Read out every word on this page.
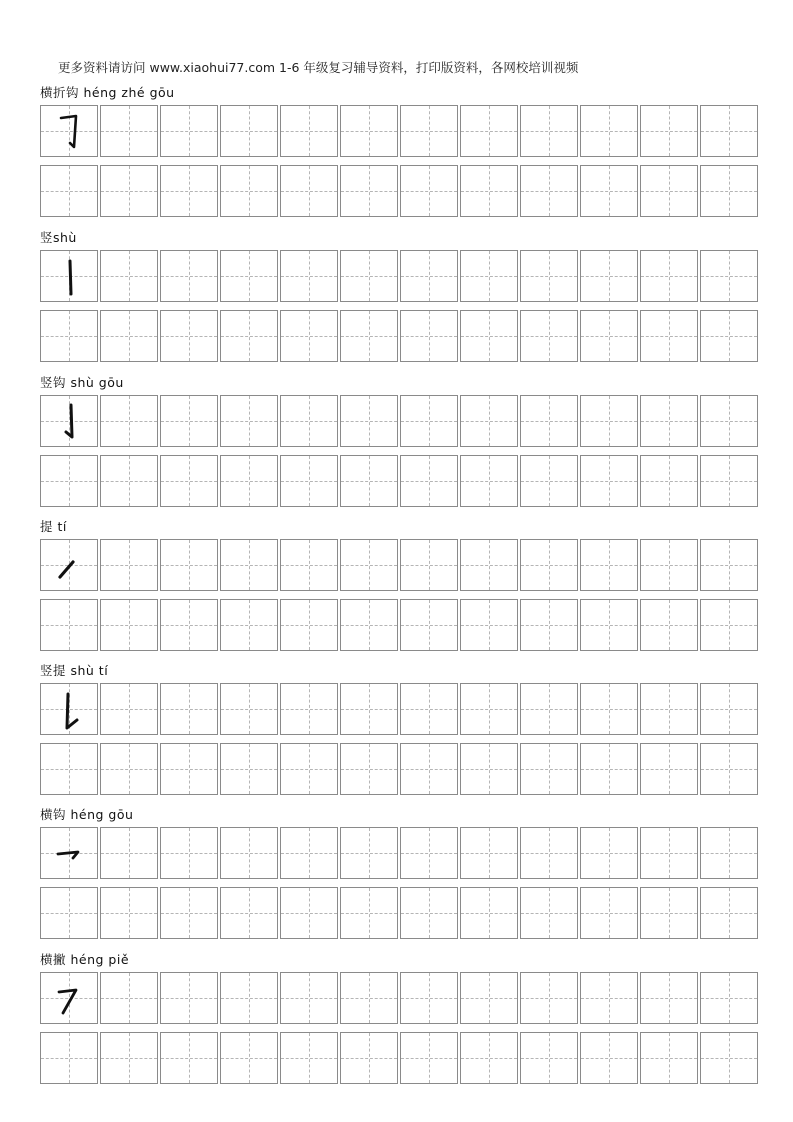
更多资料请访问 www.xiaohui77.com 1-6 年级复习辅导资料，打印版资料，各网校培训视频
横折钩 héng zhé gōu
竖shù
竖钩 shù gōu
提 tí
竖提 shù tí
横钩 héng gōu
横撇 héng piě
